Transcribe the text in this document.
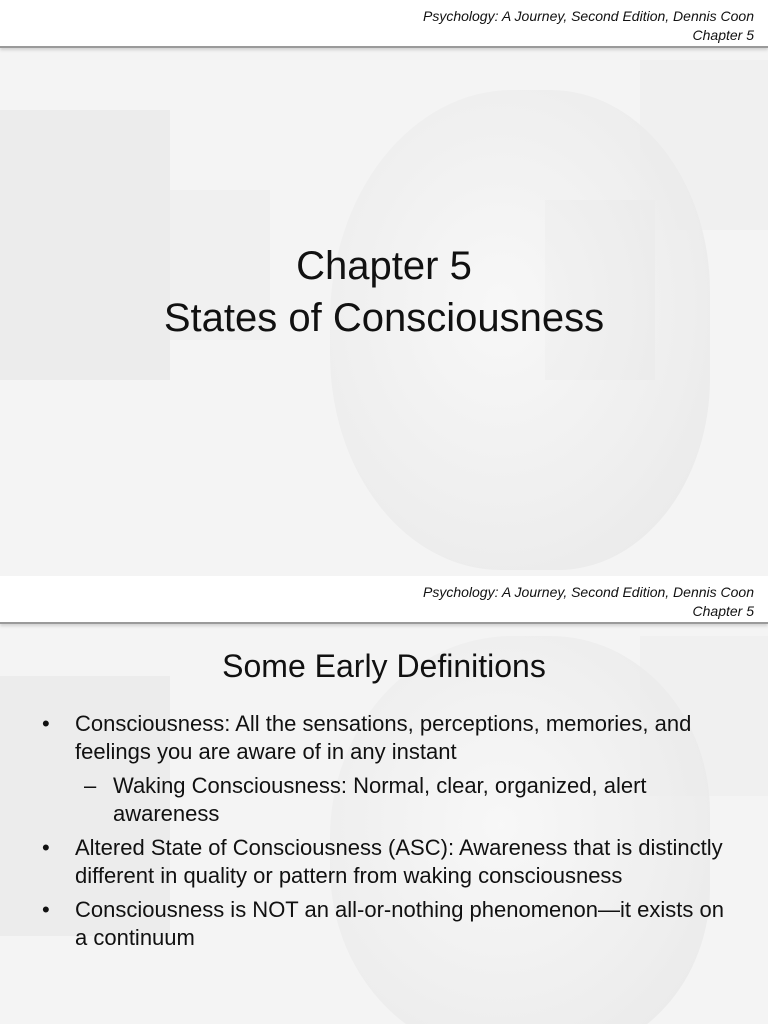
Psychology: A Journey, Second Edition, Dennis Coon
Chapter 5
Chapter 5
States of Consciousness
Psychology: A Journey, Second Edition, Dennis Coon
Chapter 5
Some Early Definitions
•	Consciousness: All the sensations, perceptions, memories, and feelings you are aware of in any instant
– Waking Consciousness: Normal, clear, organized, alert awareness
•	Altered State of Consciousness (ASC): Awareness that is distinctly different in quality or pattern from waking consciousness
•	Consciousness is NOT an all-or-nothing phenomenon—it exists on a continuum
